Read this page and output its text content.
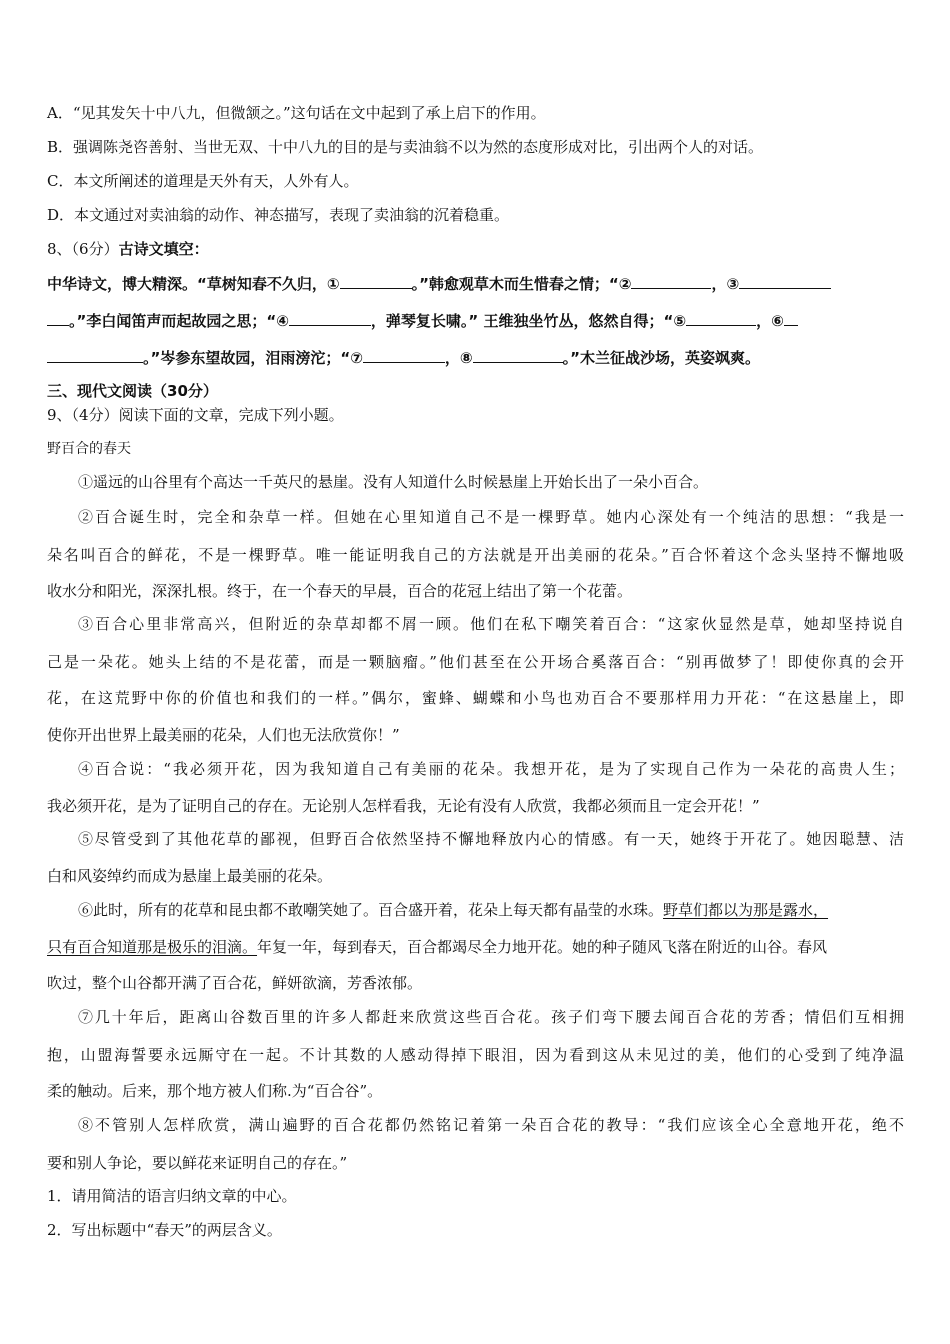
A．“见其发矢十中八九，但微颔之。”这句话在文中起到了承上启下的作用。
B．强调陈尧咨善射、当世无双、十中八九的目的是与卖油翁不以为然的态度形成对比，引出两个人的对话。
C．本文所阐述的道理是天外有天，人外有人。
D．本文通过对卖油翁的动作、神态描写，表现了卖油翁的沉着稳重。
8、（6分）古诗文填空：
中华诗文，博大精深。“草树知春不久归，①	。”韩愈观草木而生惜春之情；“②	，③
。”李白闻笛声而起故园之思；“④	，弹琴复长啸。” 王维独坐竹丛，悠然自得；“⑤	，⑥
。”岑参东望故园，泪雨滂沱；“⑦	，⑧	。”木兰征战沙场，英姿飒爽。
三、现代文阅读（30分）
9、（4分）阅读下面的文章，完成下列小题。
野百合的春天
①遥远的山谷里有个高达一千英尺的悬崖。没有人知道什么时候悬崖上开始长出了一朵小百合。
②百合诞生时，完全和杂草一样。但她在心里知道自己不是一棵野草。她内心深处有一个纯洁的思想：“我是一
朵名叫百合的鲜花，不是一棵野草。唯一能证明我自己的方法就是开出美丽的花朵。”百合怀着这个念头坚持不懈地吸
收水分和阳光，深深扎根。终于，在一个春天的早晨，百合的花冠上结出了第一个花蕾。
③百合心里非常高兴，但附近的杂草却都不屑一顾。他们在私下嘲笑着百合：“这家伙显然是草，她却坚持说自
己是一朵花。她头上结的不是花蕾，而是一颗脑瘤。”他们甚至在公开场合奚落百合：“别再做梦了！即使你真的会开
花，在这荒野中你的价值也和我们的一样。”偶尔，蜜蜂、蝴蝶和小鸟也劝百合不要那样用力开花：“在这悬崖上，即
使你开出世界上最美丽的花朵，人们也无法欣赏你！”
④百合说：“我必须开花，因为我知道自己有美丽的花朵。我想开花，是为了实现自己作为一朵花的高贵人生；
我必须开花，是为了证明自己的存在。无论别人怎样看我，无论有没有人欣赏，我都必须而且一定会开花！”
⑤尽管受到了其他花草的鄙视，但野百合依然坚持不懈地释放内心的情感。有一天，她终于开花了。她因聪慧、洁
白和风姿绰约而成为悬崖上最美丽的花朵。
⑥此时，所有的花草和昆虫都不敢嘲笑她了。百合盛开着，花朵上每天都有晶莹的水珠。野草们都以为那是露水，
只有百合知道那是极乐的泪滴。年复一年，每到春天，百合都竭尽全力地开花。她的种子随风飞落在附近的山谷。春风
吹过，整个山谷都开满了百合花，鲜妍欲滴，芳香浓郁。
⑦几十年后，距离山谷数百里的许多人都赶来欣赏这些百合花。孩子们弯下腰去闻百合花的芳香；情侣们互相拥
抱，山盟海誓要永远厮守在一起。不计其数的人感动得掉下眼泪，因为看到这从未见过的美，他们的心受到了纯净温
柔的触动。后来，那个地方被人们称.为“百合谷”。
⑧不管别人怎样欣赏，满山遍野的百合花都仍然铭记着第一朵百合花的教导：“我们应该全心全意地开花，绝不
要和别人争论，要以鲜花来证明自己的存在。”
1．请用简洁的语言归纳文章的中心。
2．写出标题中“春天”的两层含义。
